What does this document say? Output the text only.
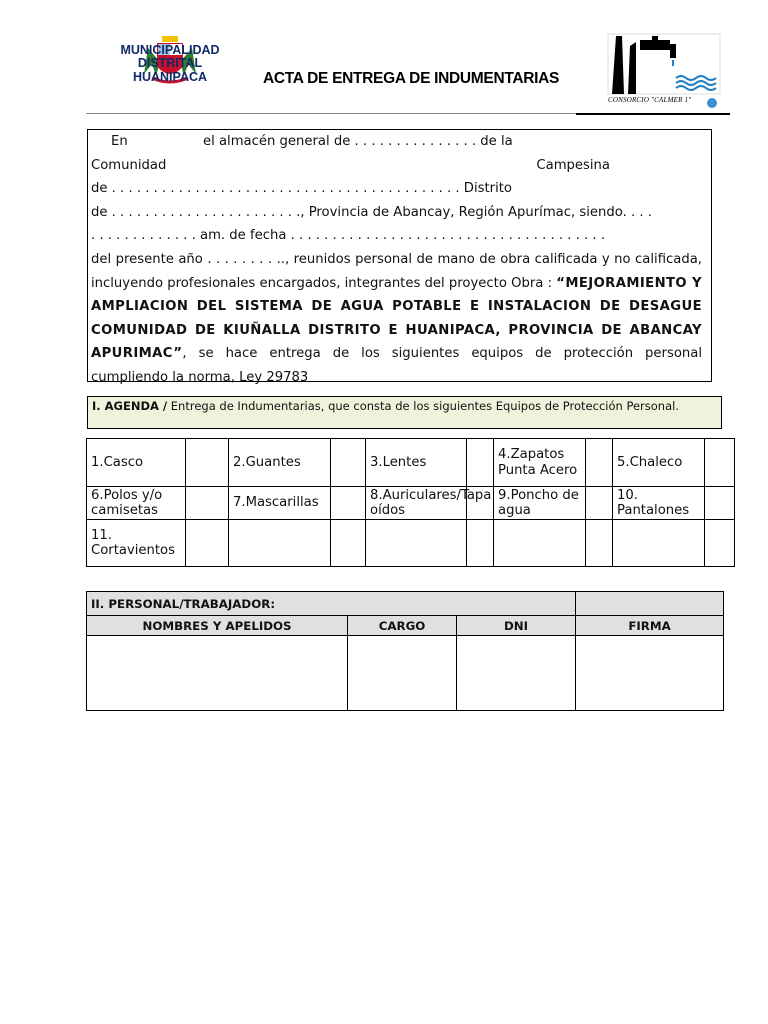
MUNICIPALIDAD
DISTRITAL
HUANIPACA	ACTA DE ENTREGA DE INDUMENTARIAS
CONSORCIO "CALMER 1"

En	el almacén general de . . . . . . . . . . . . . . . de la

Comunidad	Campesina

de . . . . . . . . . . . . . . . . . . . . . . . . . . . . . . . . . . . . . . . . . . Distrito

de . . . . . . . . . . . . . . . . . . . . . . ., Provincia de Abancay, Región Apurímac, siendo. . . .

. . . . . . . . . . . . . am. de fecha . . . . . . . . . . . . . . . . . . . . . . . . . . . . . . . . . . . . . .

del presente año . . . . . . . . .., reunidos personal de mano de obra calificada y no calificada, incluyendo profesionales encargados, integrantes del proyecto Obra : “MEJORAMIENTO Y AMPLIACION DEL SISTEMA DE AGUA POTABLE E INSTALACION DE DESAGUE COMUNIDAD DE KIUÑALLA DISTRITO E HUANIPACA, PROVINCIA DE ABANCAY APURIMAC”, se hace entrega de los siguientes equipos de protección personal cumpliendo la norma, Ley 29783

I. AGENDA / Entrega de Indumentarias, que consta de los siguientes Equipos de Protección Personal.
1.Casco		2.Guantes		3.Lentes		4.Zapatos Punta Acero		5.Chaleco	
6.Polos y/o camisetas		7.Mascarillas		8.Auriculares/Tapa oídos		9.Poncho de agua		10. Pantalones	
11. Cortavientos									
II. PERSONAL/TRABAJADOR:			
NOMBRES Y APELIDOS	CARGO	DNI	FIRMA
